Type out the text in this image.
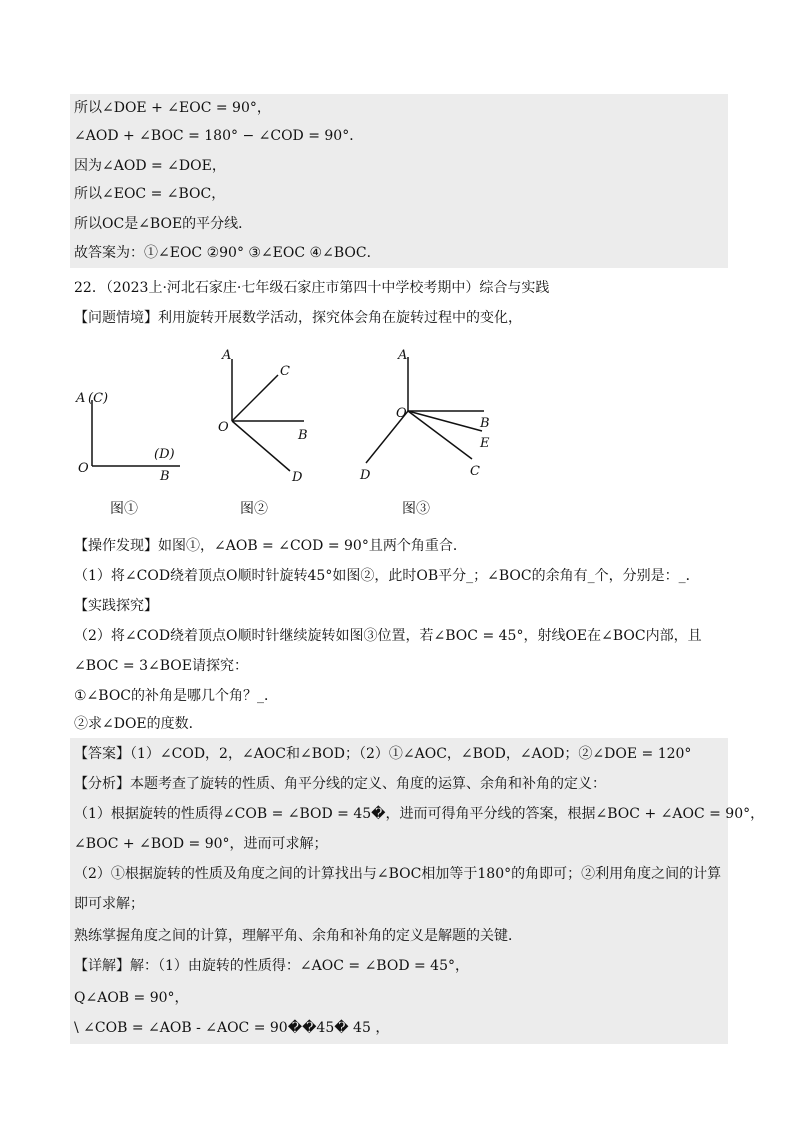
所以∠DOE + ∠EOC = 90°，
∠AOD + ∠BOC = 180° − ∠COD = 90°．
因为∠AOD = ∠DOE，
所以∠EOC = ∠BOC，
所以OC是∠BOE的平分线．
故答案为：①∠EOC ②90° ③∠EOC ④∠BOC．
22．（2023上·河北石家庄·七年级石家庄市第四十中学校考期中）综合与实践
【问题情境】利用旋转开展数学活动，探究体会角在旋转过程中的变化，
A (C)
O
(D)
B
A
C
O
B
D
A
O
B
E
D	C
图①	图②	图③
【操作发现】如图①，∠AOB = ∠COD = 90°且两个角重合．
（1）将∠COD绕着顶点O顺时针旋转45°如图②，此时OB平分_；∠BOC的余角有_个，分别是：_．
【实践探究】
（2）将∠COD绕着顶点O顺时针继续旋转如图③位置，若∠BOC = 45°，射线OE在∠BOC内部，且
∠BOC = 3∠BOE请探究：
①∠BOC的补角是哪几个角？_．
②求∠DOE的度数．
【答案】（1）∠COD，2，∠AOC和∠BOD；（2）①∠AOC，∠BOD，∠AOD；②∠DOE = 120°
【分析】本题考查了旋转的性质、角平分线的定义、角度的运算、余角和补角的定义：
（1）根据旋转的性质得∠COB = ∠BOD = 45�，进而可得角平分线的答案，根据∠BOC + ∠AOC = 90°，
∠BOC + ∠BOD = 90°，进而可求解；
（2）①根据旋转的性质及角度之间的计算找出与∠BOC相加等于180°的角即可；②利用角度之间的计算
即可求解；
熟练掌握角度之间的计算，理解平角、余角和补角的定义是解题的关键．
【详解】解：（1）由旋转的性质得：∠AOC = ∠BOD = 45°，
Q∠AOB = 90°，
\ ∠COB = ∠AOB - ∠AOC = 90��45� 45 ，
